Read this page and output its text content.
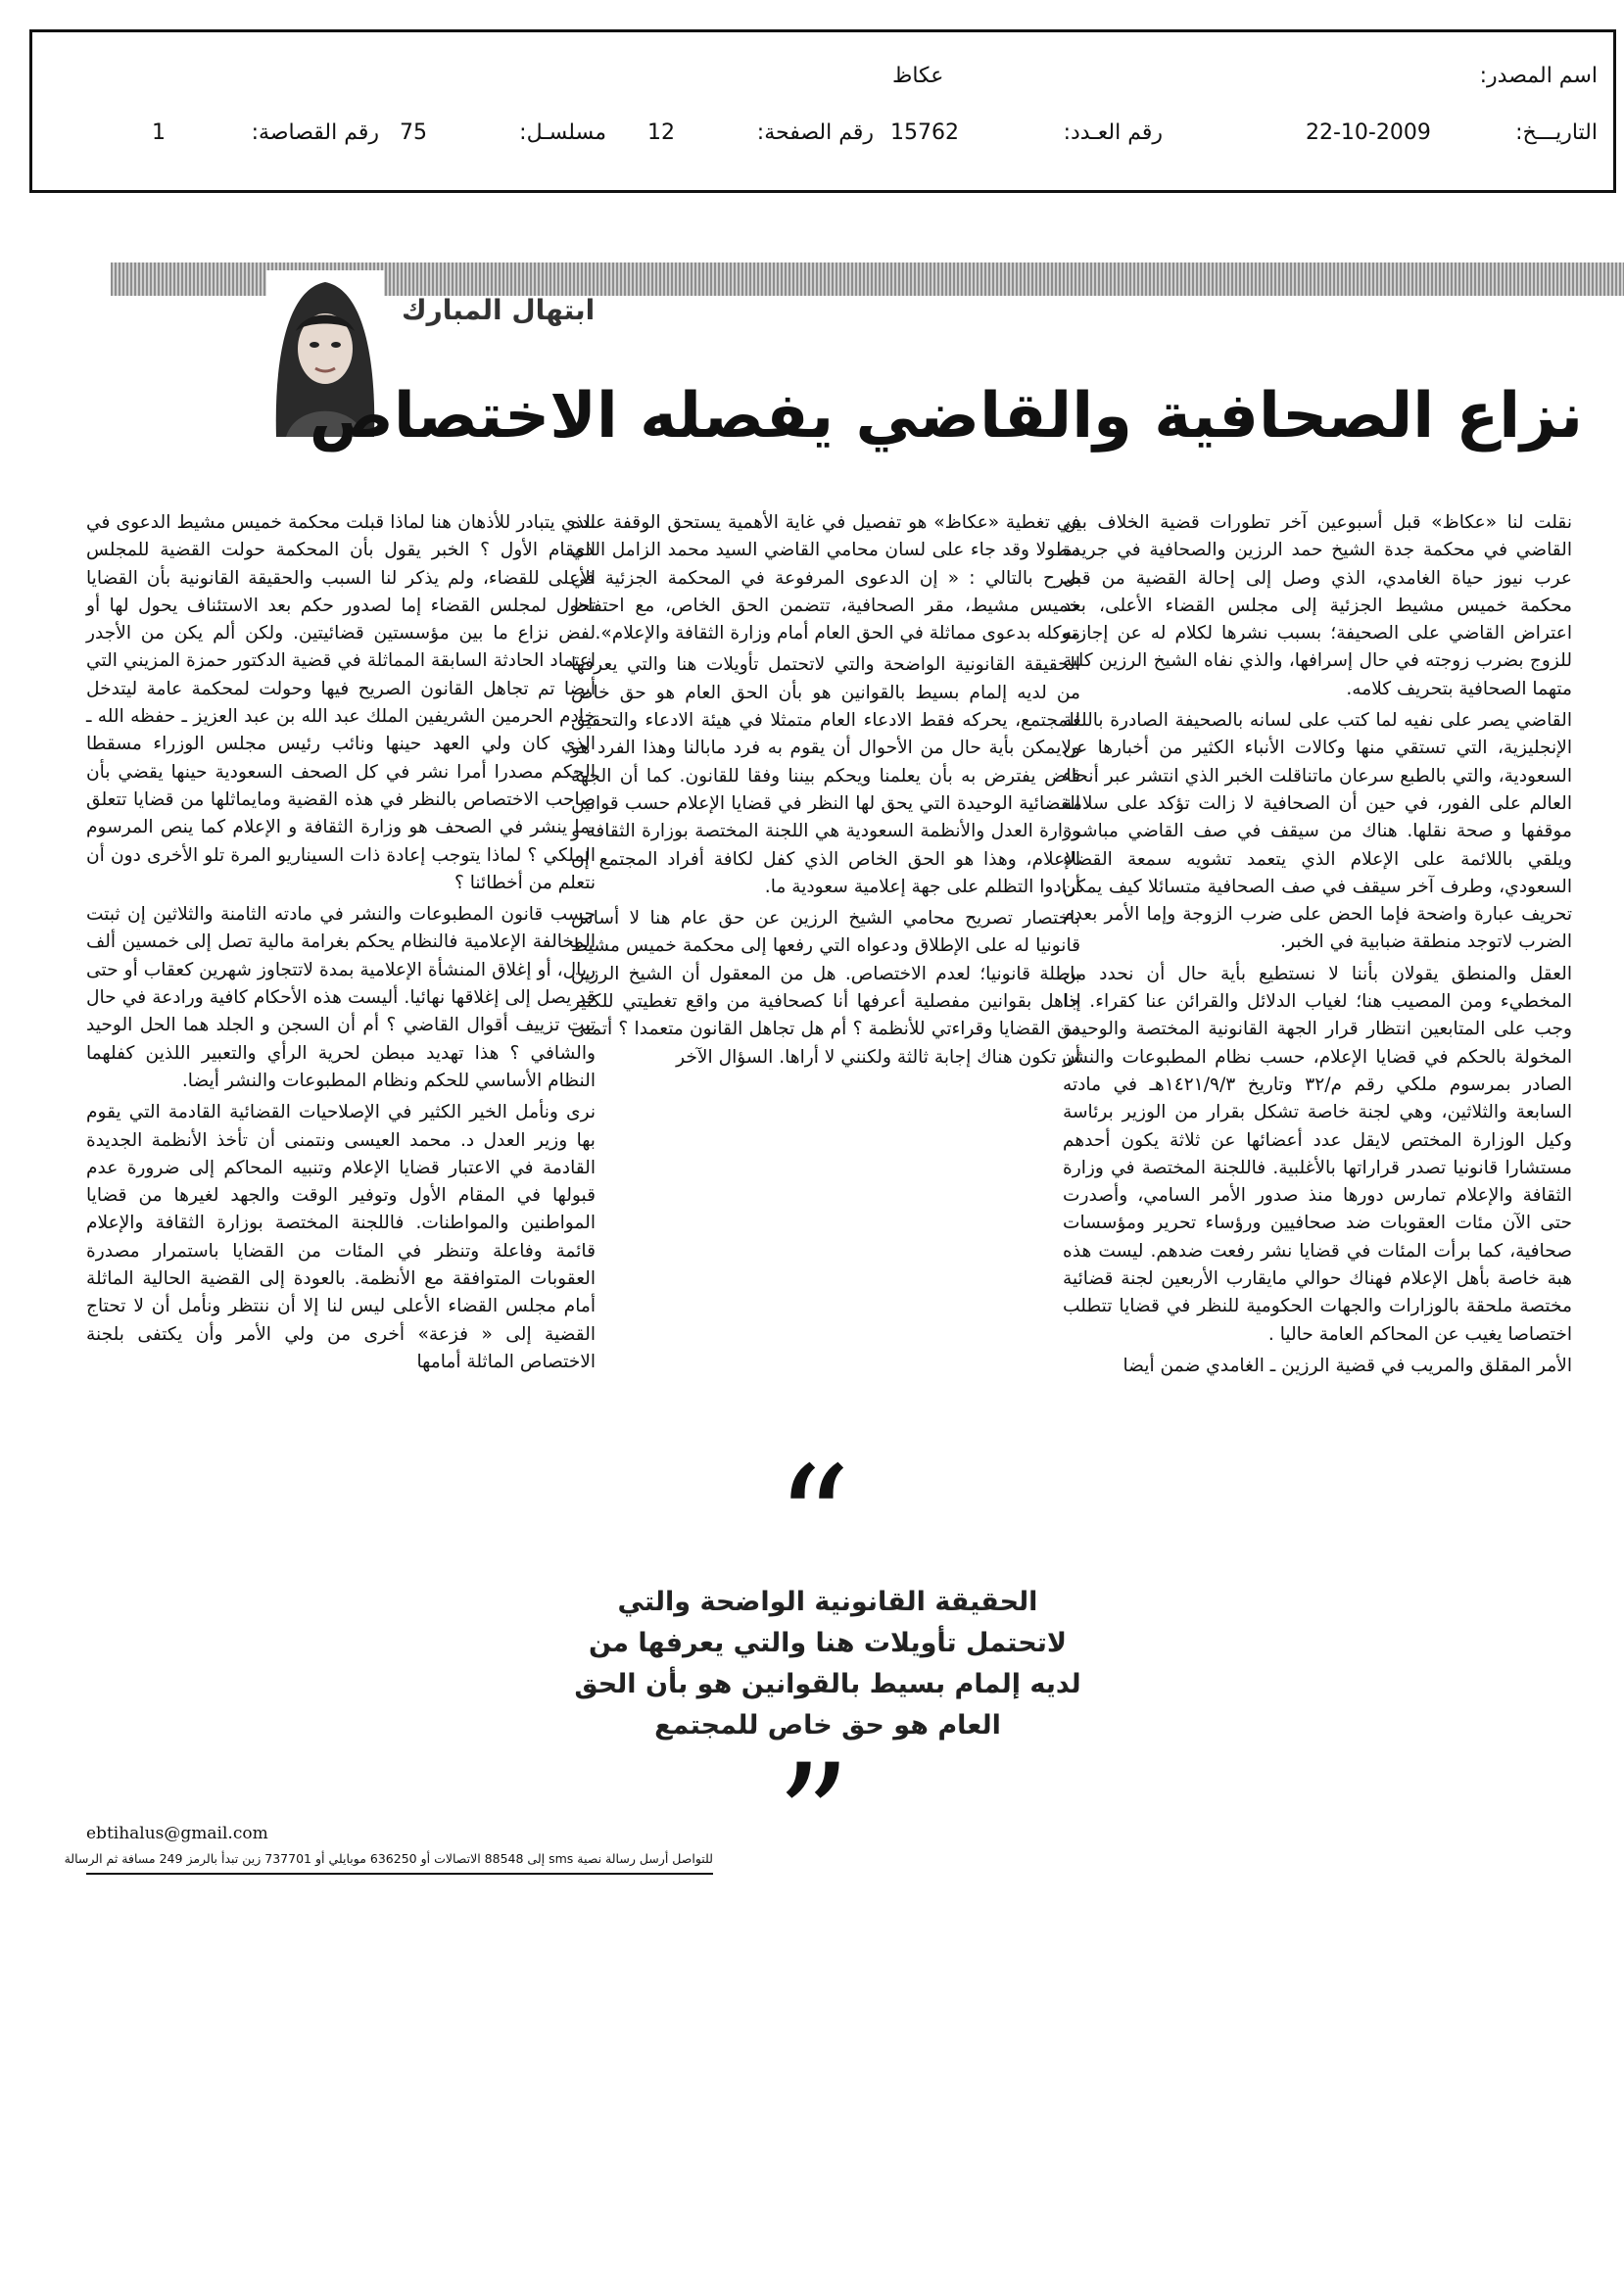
اسم المصدر:
عكاظ
التاريـــخ:
22-10-2009
رقم العـدد:
15762
رقم الصفحة:
12
مسلسـل:
75
رقم القصاصة:
1
ابتهال المبارك
نزاع الصحافية والقاضي يفصله الاختصاص

نقلت لنا «عكاظ» قبل أسبوعين آخر تطورات قضية الخلاف بين القاضي في محكمة جدة الشيخ حمد الرزين والصحافية في جريدة عرب نيوز حياة الغامدي، الذي وصل إلى إحالة القضية من قبل محكمة خميس مشيط الجزئية إلى مجلس القضاء الأعلى، بعد اعتراض القاضي على الصحيفة؛ بسبب نشرها لكلام له عن إجازته للزوج بضرب زوجته في حال إسرافها، والذي نفاه الشيخ الرزين كلية متهما الصحافية بتحريف كلامه.

القاضي يصر على نفيه لما كتب على لسانه بالصحيفة الصادرة باللغة الإنجليزية، التي تستقي منها وكالات الأنباء الكثير من أخبارها عن السعودية، والتي بالطبع سرعان ماتناقلت الخبر الذي انتشر عبر أنحاء العالم على الفور، في حين أن الصحافية لا زالت تؤكد على سلامة موقفها و صحة نقلها. هناك من سيقف في صف القاضي مباشرة ويلقي باللائمة على الإعلام الذي يتعمد تشويه سمعة القضاء السعودي، وطرف آخر سيقف في صف الصحافية متسائلا كيف يمكن تحريف عبارة واضحة فإما الحض على ضرب الزوجة وإما الأمر بعدم الضرب لاتوجد منطقة ضبابية في الخبر.

العقل والمنطق يقولان بأننا لا نستطيع بأية حال أن نحدد من المخطيء ومن المصيب هنا؛ لغياب الدلائل والقرائن عنا كقراء. إذا وجب على المتابعين انتظار قرار الجهة القانونية المختصة والوحيدة المخولة بالحكم في قضايا الإعلام، حسب نظام المطبوعات والنشر الصادر بمرسوم ملكي رقم م/٣٢ وتاريخ ١٤٢١/٩/٣هـ في مادته السابعة والثلاثين، وهي لجنة خاصة تشكل بقرار من الوزير برئاسة وكيل الوزارة المختص لايقل عدد أعضائها عن ثلاثة يكون أحدهم مستشارا قانونيا تصدر قراراتها بالأغلبية. فاللجنة المختصة في وزارة الثقافة والإعلام تمارس دورها منذ صدور الأمر السامي، وأصدرت حتى الآن مئات العقوبات ضد صحافيين ورؤساء تحرير ومؤسسات صحافية، كما برأت المئات في قضايا نشر رفعت ضدهم. ليست هذه هبة خاصة بأهل الإعلام فهناك حوالي مايقارب الأربعين لجنة قضائية مختصة ملحقة بالوزارات والجهات الحكومية للنظر في قضايا تتطلب اختصاصا يغيب عن المحاكم العامة حاليا .

الأمر المقلق والمريب في قضية الرزين ـ الغامدي ضمن أيضا

في تغطية «عكاظ» هو تفصيل في غاية الأهمية يستحق الوقفة عنده مطولا وقد جاء على لسان محامي القاضي السيد محمد الزامل الذي صرح بالتالي : « إن الدعوى المرفوعة في المحكمة الجزئية في خميس مشيط، مقر الصحافية، تتضمن الحق الخاص، مع احتفاظ موكله بدعوى مماثلة في الحق العام أمام وزارة الثقافة والإعلام».

الحقيقة القانونية الواضحة والتي لاتحتمل تأويلات هنا والتي يعرفها من لديه إلمام بسيط بالقوانين هو بأن الحق العام هو حق خاص للمجتمع، يحركه فقط الادعاء العام متمثلا في هيئة الادعاء والتحقيق ولايمكن بأية حال من الأحوال أن يقوم به فرد مابالنا وهذا الفرد هو قاض يفترض به بأن يعلمنا ويحكم بيننا وفقا للقانون. كما أن الجهة القضائية الوحيدة التي يحق لها النظر في قضايا الإعلام حسب قوانين وزارة العدل والأنظمة السعودية هي اللجنة المختصة بوزارة الثقافة و الإعلام، وهذا هو الحق الخاص الذي كفل لكافة أفراد المجتمع إن أرادوا التظلم على جهة إعلامية سعودية ما.

باختصار تصريح محامي الشيخ الرزين عن حق عام هنا لا أساس قانونيا له على الإطلاق ودعواه التي رفعها إلى محكمة خميس مشيط باطلة قانونيا؛ لعدم الاختصاص. هل من المعقول أن الشيخ الرزين جاهل بقوانين مفصلية أعرفها أنا كصحافية من واقع تغطيتي للكثير من القضايا وقراءتي للأنظمة ؟ أم هل تجاهل القانون متعمدا ؟ أتمنى أن تكون هناك إجابة ثالثة ولكنني لا أراها. السؤال الآخر

“
الحقيقة القانونية الواضحة والتي لاتحتمل تأويلات هنا والتي يعرفها من لديه إلمام بسيط بالقوانين هو بأن الحق العام هو حق خاص للمجتمع
”

الذي يتبادر للأذهان هنا لماذا قبلت محكمة خميس مشيط الدعوى في المقام الأول ؟ الخبر يقول بأن المحكمة حولت القضية للمجلس الأعلى للقضاء، ولم يذكر لنا السبب والحقيقة القانونية بأن القضايا تحول لمجلس القضاء إما لصدور حكم بعد الاستئناف يحول لها أو لفض نزاع ما بين مؤسستين قضائيتين. ولكن ألم يكن من الأجدر اعتماد الحادثة السابقة المماثلة في قضية الدكتور حمزة المزيني التي أيضا تم تجاهل القانون الصريح فيها وحولت لمحكمة عامة ليتدخل خادم الحرمين الشريفين الملك عبد الله بن عبد العزيز ـ حفظه الله ـ الذي كان ولي العهد حينها ونائب رئيس مجلس الوزراء مسقطا الحكم مصدرا أمرا نشر في كل الصحف السعودية حينها يقضي بأن صاحب الاختصاص بالنظر في هذه القضية ومايماثلها من قضايا تتعلق بما ينشر في الصحف هو وزارة الثقافة و الإعلام كما ينص المرسوم الملكي ؟ لماذا يتوجب إعادة ذات السيناريو المرة تلو الأخرى دون أن نتعلم من أخطائنا ؟

حسب قانون المطبوعات والنشر في مادته الثامنة والثلاثين إن ثبتت المخالفة الإعلامية فالنظام يحكم بغرامة مالية تصل إلى خمسين ألف ريال، أو إغلاق المنشأة الإعلامية بمدة لاتتجاوز شهرين كعقاب أو حتى قد يصل إلى إغلاقها نهائيا. أليست هذه الأحكام كافية ورادعة في حال تبت تزييف أقوال القاضي ؟ أم أن السجن و الجلد هما الحل الوحيد والشافي ؟ هذا تهديد مبطن لحرية الرأي والتعبير اللذين كفلهما النظام الأساسي للحكم ونظام المطبوعات والنشر أيضا.

نرى ونأمل الخير الكثير في الإصلاحيات القضائية القادمة التي يقوم بها وزير العدل د. محمد العيسى ونتمنى أن تأخذ الأنظمة الجديدة القادمة في الاعتبار قضايا الإعلام وتنبيه المحاكم إلى ضرورة عدم قبولها في المقام الأول وتوفير الوقت والجهد لغيرها من قضايا المواطنين والمواطنات. فاللجنة المختصة بوزارة الثقافة والإعلام قائمة وفاعلة وتنظر في المئات من القضايا باستمرار مصدرة العقوبات المتوافقة مع الأنظمة. بالعودة إلى القضية الحالية الماثلة أمام مجلس القضاء الأعلى ليس لنا إلا أن ننتظر ونأمل أن لا تحتاج القضية إلى « فزعة» أخرى من ولي الأمر وأن يكتفى بلجنة الاختصاص الماثلة أمامها

ebtihalus@gmail.com
للتواصل أرسل رسالة نصية sms إلى 88548 الاتصالات أو 636250 موبايلي أو 737701 زين تبدأ بالرمز 249 مسافة ثم الرسالة
